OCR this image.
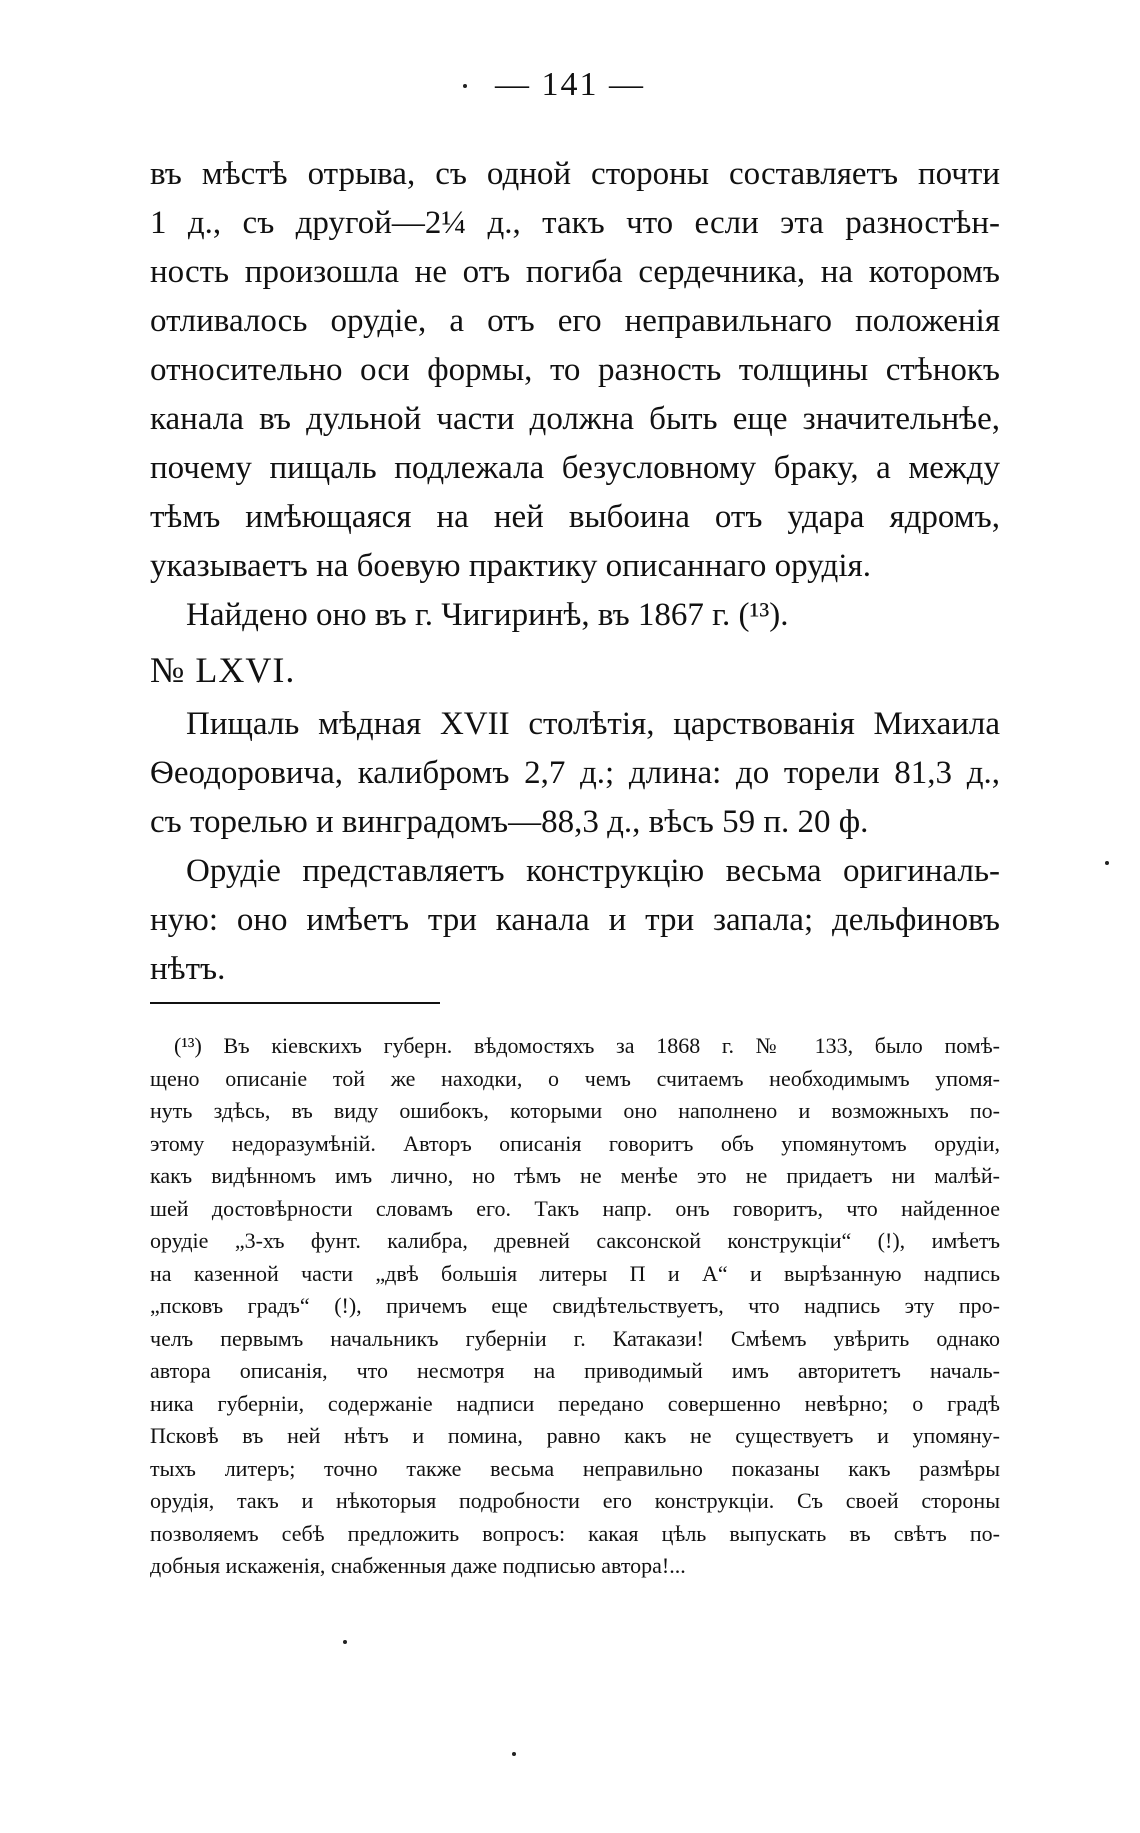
— 141 —
въ мѣстѣ отрыва, съ одной стороны составляетъ почти
1 д., съ другой—2¼ д., такъ что если эта разностѣн-
ность произошла не отъ погиба сердечника, на которомъ
отливалось орудіе, а отъ его неправильнаго положенія
относительно оси формы, то разность толщины стѣнокъ
канала въ дульной части должна быть еще значительнѣе,
почему пищаль подлежала безусловному браку, а между
тѣмъ имѣющаяся на ней выбоина отъ удара ядромъ,
указываетъ на боевую практику описаннаго орудія.
Найдено оно въ г. Чигиринѣ, въ 1867 г. (¹³).
№ LXVI.
Пищаль мѣдная XVII столѣтія, царствованія Михаила
Ѳеодоровича, калибромъ 2,7 д.; длина: до торели 81,3 д.,
съ торелью и винградомъ—88,3 д., вѣсъ 59 п. 20 ф.
Орудіе представляетъ конструкцію весьма оригиналь-
ную: оно имѣетъ три канала и три запала; дельфиновъ
нѣтъ.
(¹³) Въ кіевскихъ губерн. вѣдомостяхъ за 1868 г. № 133, было помѣ-
щено описаніе той же находки, о чемъ считаемъ необходимымъ упомя-
нуть здѣсь, въ виду ошибокъ, которыми оно наполнено и возможныхъ по-
этому недоразумѣній. Авторъ описанія говоритъ объ упомянутомъ орудіи,
какъ видѣнномъ имъ лично, но тѣмъ не менѣе это не придаетъ ни малѣй-
шей достовѣрности словамъ его. Такъ напр. онъ говоритъ, что найденное
орудіе „3-хъ фунт. калибра, древней саксонской конструкціи“ (!), имѣетъ
на казенной части „двѣ большія литеры П и А“ и вырѣзанную надпись
„псковъ градъ“ (!), причемъ еще свидѣтельствуетъ, что надпись эту про-
челъ первымъ начальникъ губерніи г. Катакази! Смѣемъ увѣрить однако
автора описанія, что несмотря на приводимый имъ авторитетъ началь-
ника губерніи, содержаніе надписи передано совершенно невѣрно; о градѣ
Псковѣ въ ней нѣтъ и помина, равно какъ не существуетъ и упомяну-
тыхъ литеръ; точно также весьма неправильно показаны какъ размѣры
орудія, такъ и нѣкоторыя подробности его конструкціи. Съ своей стороны
позволяемъ себѣ предложить вопросъ: какая цѣль выпускать въ свѣтъ по-
добныя искаженія, снабженныя даже подписью автора!...
